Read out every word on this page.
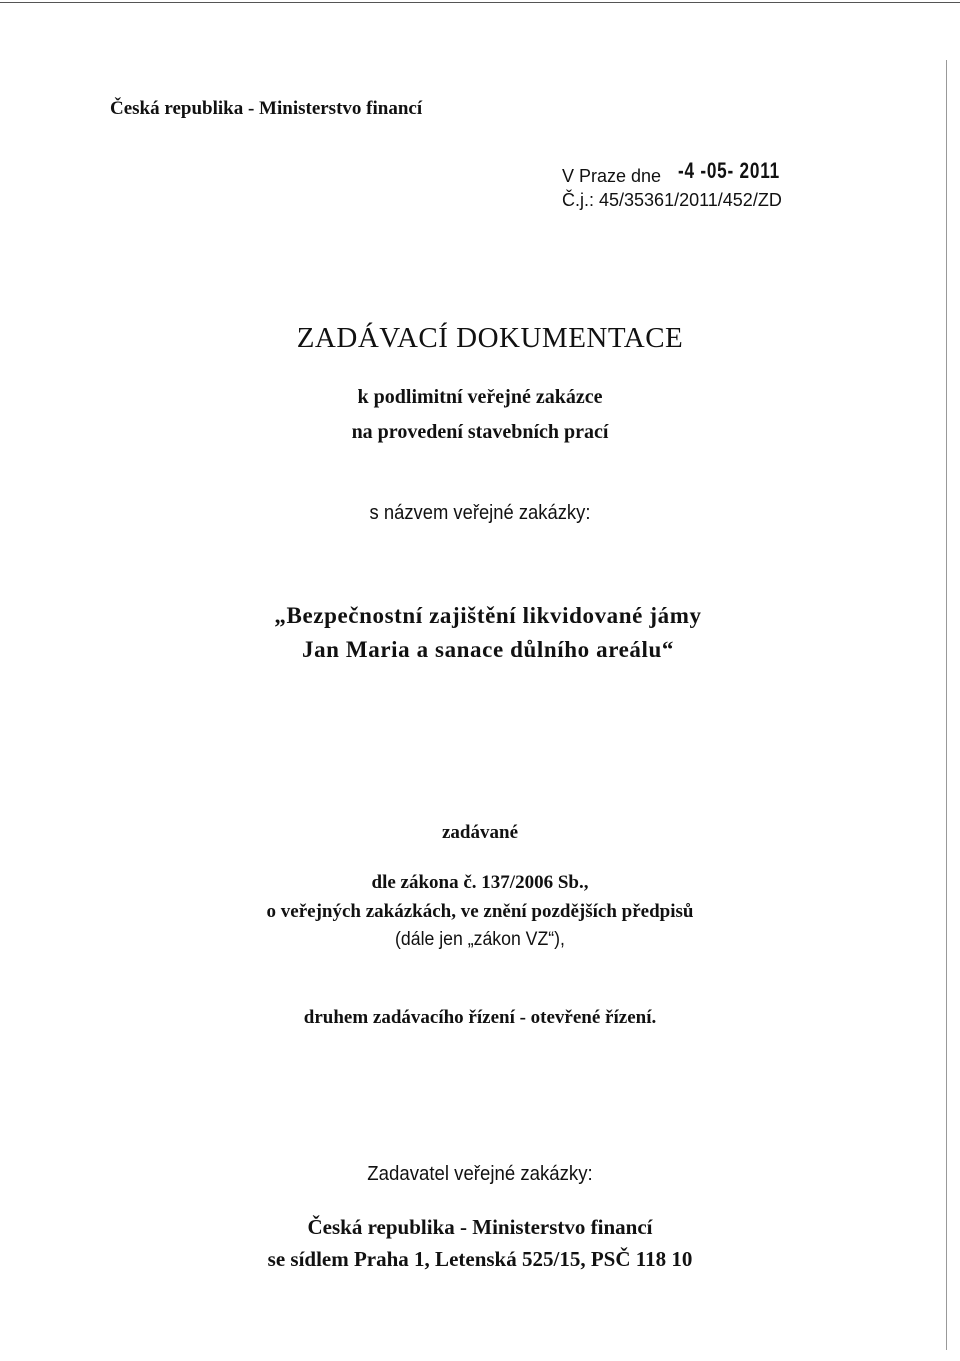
Česká republika - Ministerstvo financí
V Praze dne -4 -05- 2011
Č.j.: 45/35361/2011/452/ZD
ZADÁVACÍ DOKUMENTACE
k podlimitní veřejné zakázce
na provedení stavebních prací
s názvem veřejné zakázky:
„Bezpečnostní zajištění likvidované jámy
Jan Maria a sanace důlního areálu“
zadávané
dle zákona č. 137/2006 Sb.,
o veřejných zakázkách, ve znění pozdějších předpisů
(dále jen „zákon VZ“),
druhem zadávacího řízení - otevřené řízení.
Zadavatel veřejné zakázky:
Česká republika - Ministerstvo financí
se sídlem Praha 1, Letenská 525/15, PSČ 118 10
